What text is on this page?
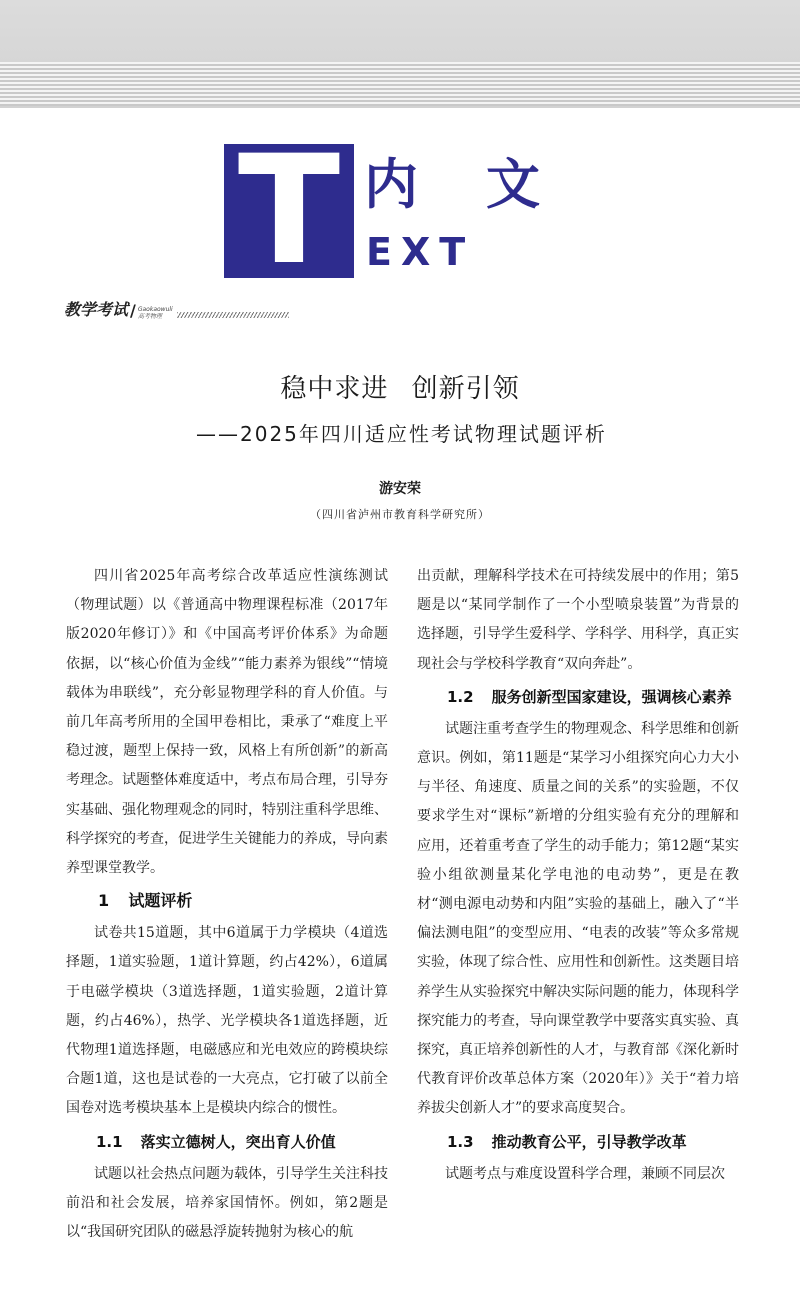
T 内文
EXT
教学考试 / Gaokaowuli
高考物理
稳中求进 创新引领
——2025年四川适应性考试物理试题评析
游安荣
（四川省泸州市教育科学研究所）

四川省2025年高考综合改革适应性演练测试（物理试题）以《普通高中物理课程标准（2017年版2020年修订）》和《中国高考评价体系》为命题依据，以“核心价值为金线”“能力素养为银线”“情境载体为串联线”，充分彰显物理学科的育人价值。与前几年高考所用的全国甲卷相比，秉承了“难度上平稳过渡，题型上保持一致，风格上有所创新”的新高考理念。试题整体难度适中，考点布局合理，引导夯实基础、强化物理观念的同时，特别注重科学思维、科学探究的考查，促进学生关键能力的养成，导向素养型课堂教学。

1 试题评析

试卷共15道题，其中6道属于力学模块（4道选择题，1道实验题，1道计算题，约占42%），6道属于电磁学模块（3道选择题，1道实验题，2道计算题，约占46%），热学、光学模块各1道选择题，近代物理1道选择题，电磁感应和光电效应的跨模块综合题1道，这也是试卷的一大亮点，它打破了以前全国卷对选考模块基本上是模块内综合的惯性。

1.1 落实立德树人，突出育人价值

试题以社会热点问题为载体，引导学生关注科技前沿和社会发展，培养家国情怀。例如，第2题是以“我国研究团队的磁悬浮旋转抛射为核心的航

出贡献，理解科学技术在可持续发展中的作用；第5题是以“某同学制作了一个小型喷泉装置”为背景的选择题，引导学生爱科学、学科学、用科学，真正实现社会与学校科学教育“双向奔赴”。

1.2 服务创新型国家建设，强调核心素养

试题注重考查学生的物理观念、科学思维和创新意识。例如，第11题是“某学习小组探究向心力大小与半径、角速度、质量之间的关系”的实验题，不仅要求学生对“课标”新增的分组实验有充分的理解和应用，还着重考查了学生的动手能力；第12题“某实验小组欲测量某化学电池的电动势”，更是在教材“测电源电动势和内阻”实验的基础上，融入了“半偏法测电阻”的变型应用、“电表的改装”等众多常规实验，体现了综合性、应用性和创新性。这类题目培养学生从实验探究中解决实际问题的能力，体现科学探究能力的考查，导向课堂教学中要落实真实验、真探究，真正培养创新性的人才，与教育部《深化新时代教育评价改革总体方案（2020年）》关于“着力培养拔尖创新人才”的要求高度契合。

1.3 推动教育公平，引导教学改革

试题考点与难度设置科学合理，兼顾不同层次
